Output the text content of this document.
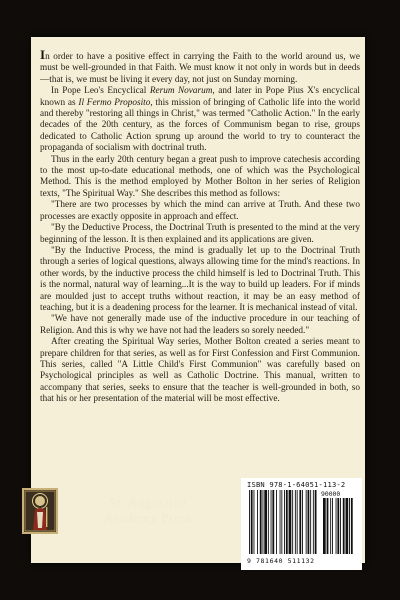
In order to have a positive effect in carrying the Faith to the world around us, we must be well-grounded in that Faith. We must know it not only in words but in deeds—that is, we must be living it every day, not just on Sunday morning.

In Pope Leo's Encyclical Rerum Novarum, and later in Pope Pius X's encyclical known as Il Fermo Proposito, this mission of bringing of Catholic life into the world and thereby "restoring all things in Christ," was termed "Catholic Action." In the early decades of the 20th century, as the forces of Communism began to rise, groups dedicated to Catholic Action sprung up around the world to try to counteract the propaganda of socialism with doctrinal truth.

Thus in the early 20th century began a great push to improve catechesis according to the most up-to-date educational methods, one of which was the Psychological Method. This is the method employed by Mother Bolton in her series of Religion texts, "The Spiritual Way." She describes this method as follows:

"There are two processes by which the mind can arrive at Truth. And these two processes are exactly opposite in approach and effect.

"By the Deductive Process, the Doctrinal Truth is presented to the mind at the very beginning of the lesson. It is then explained and its applications are given.

"By the Inductive Process, the mind is gradually let up to the Doctrinal Truth through a series of logical questions, always allowing time for the mind's reactions. In other words, by the inductive process the child himself is led to Doctrinal Truth. This is the normal, natural way of learning...It is the way to build up leaders. For if minds are moulded just to accept truths without reaction, it may be an easy method of teaching, but it is a deadening process for the learner. It is mechanical instead of vital.

"We have not generally made use of the inductive procedure in our teaching of Religion. And this is why we have not had the leaders so sorely needed."

After creating the Spiritual Way series, Mother Bolton created a series meant to prepare children for that series, as well as for First Confession and First Communion. This series, called "A Little Child's First Communion" was carefully based on Psychological principles as well as Catholic Doctrine. This manual, written to accompany that series, seeks to ensure that the teacher is well-grounded in both, so that his or her presentation of the material will be most effective.

St. Augustine
Academy Press
ISBN 978-1-64051-113-2
90000
9 781640 511132
